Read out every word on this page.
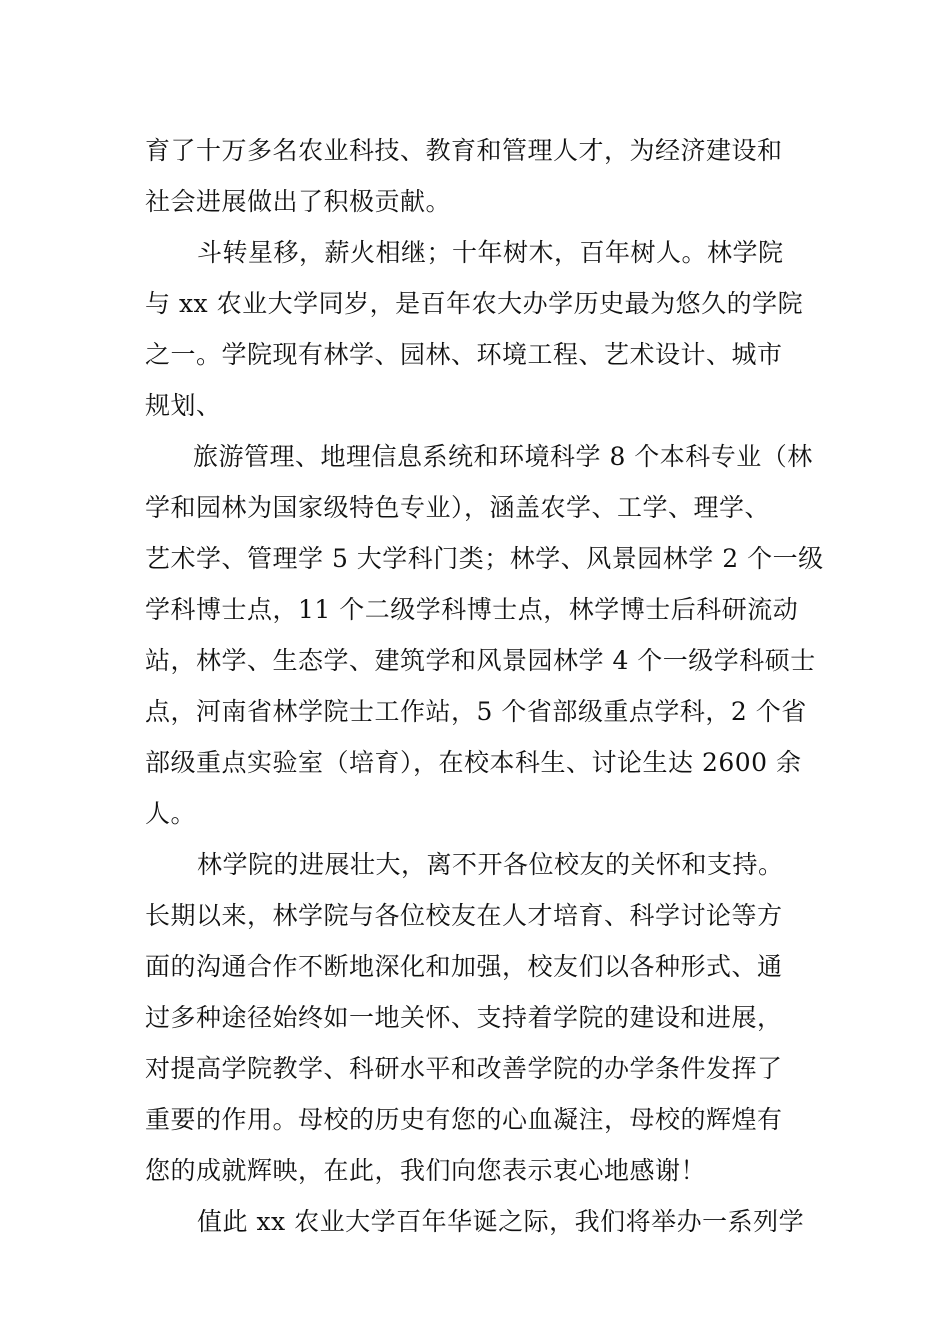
育了十万多名农业科技、教育和管理人才，为经济建设和
社会进展做出了积极贡献。
斗转星移，薪火相继；十年树木，百年树人。林学院
与 xx 农业大学同岁，是百年农大办学历史最为悠久的学院
之一。学院现有林学、园林、环境工程、艺术设计、城市
规划、
旅游管理、地理信息系统和环境科学 8 个本科专业（林
学和园林为国家级特色专业），涵盖农学、工学、理学、
艺术学、管理学 5 大学科门类；林学、风景园林学 2 个一级
学科博士点，11 个二级学科博士点，林学博士后科研流动
站，林学、生态学、建筑学和风景园林学 4 个一级学科硕士
点，河南省林学院士工作站，5 个省部级重点学科，2 个省
部级重点实验室（培育），在校本科生、讨论生达 2600 余
人。
林学院的进展壮大，离不开各位校友的关怀和支持。
长期以来，林学院与各位校友在人才培育、科学讨论等方
面的沟通合作不断地深化和加强，校友们以各种形式、通
过多种途径始终如一地关怀、支持着学院的建设和进展，
对提高学院教学、科研水平和改善学院的办学条件发挥了
重要的作用。母校的历史有您的心血凝注，母校的辉煌有
您的成就辉映，在此，我们向您表示衷心地感谢！
值此 xx 农业大学百年华诞之际，我们将举办一系列学
